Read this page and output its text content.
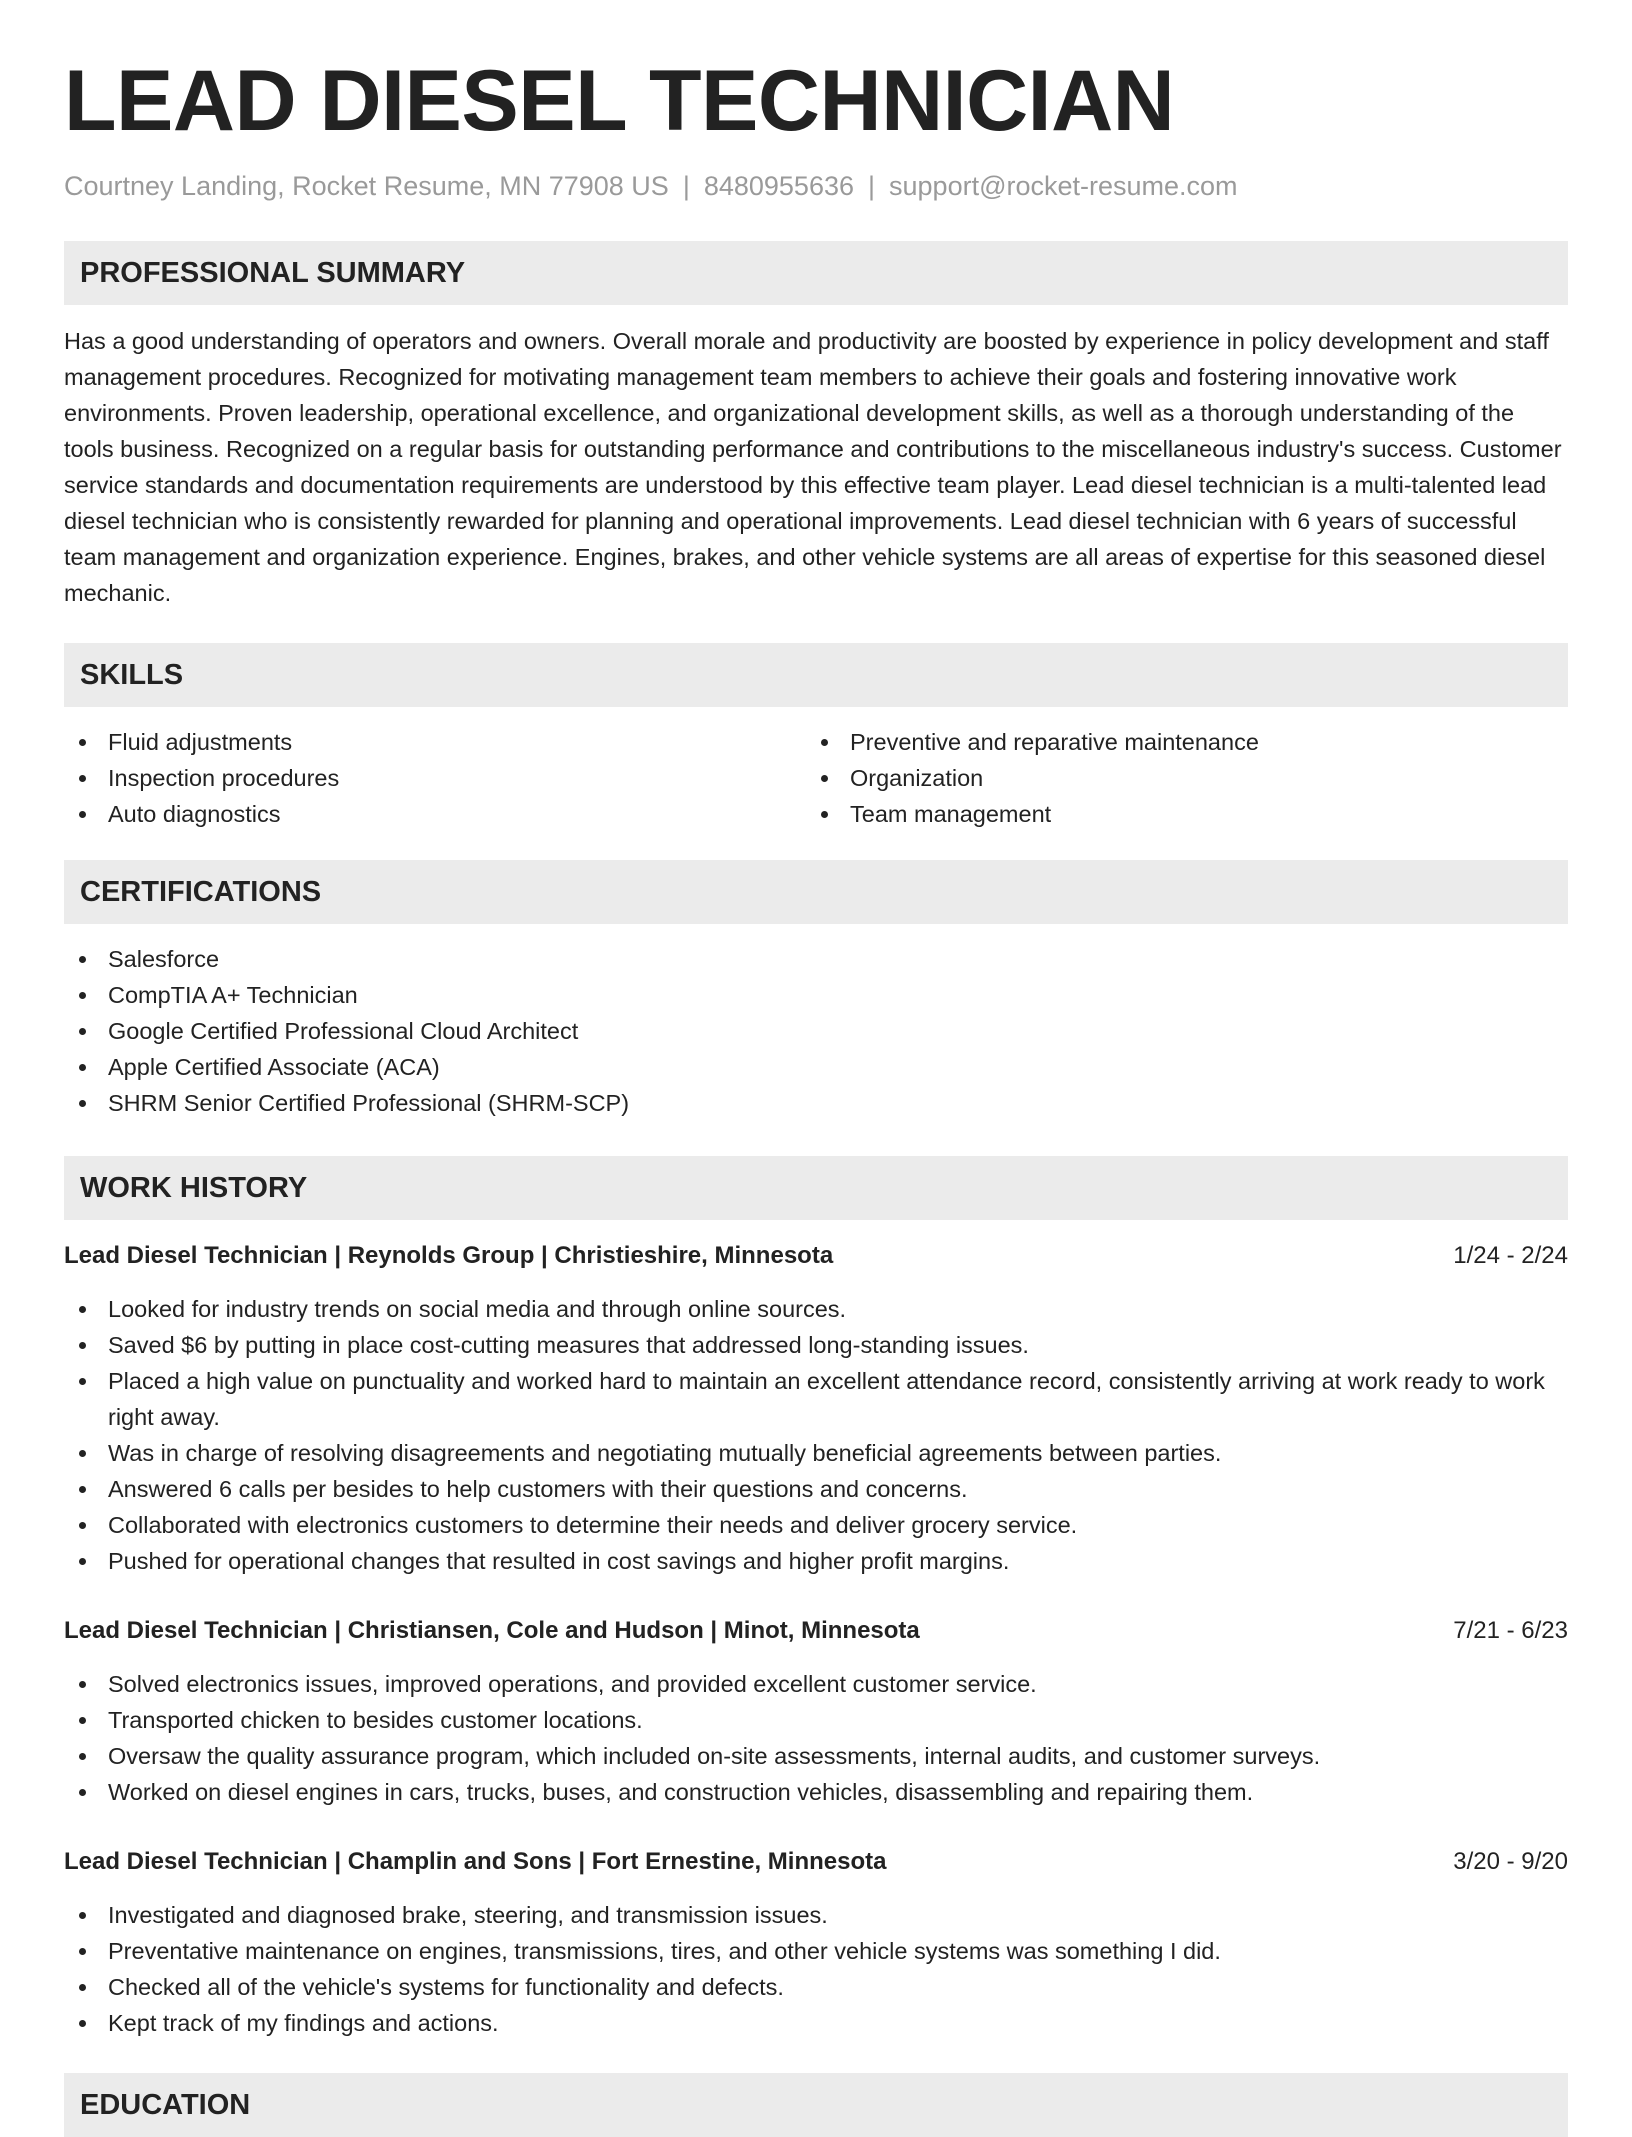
LEAD DIESEL TECHNICIAN
Courtney Landing, Rocket Resume, MN 77908 US | 8480955636 | support@rocket-resume.com
PROFESSIONAL SUMMARY

Has a good understanding of operators and owners. Overall morale and productivity are boosted by experience in policy development and staff management procedures. Recognized for motivating management team members to achieve their goals and fostering innovative work environments. Proven leadership, operational excellence, and organizational development skills, as well as a thorough understanding of the tools business. Recognized on a regular basis for outstanding performance and contributions to the miscellaneous industry's success. Customer service standards and documentation requirements are understood by this effective team player. Lead diesel technician is a multi-talented lead diesel technician who is consistently rewarded for planning and operational improvements. Lead diesel technician with 6 years of successful team management and organization experience. Engines, brakes, and other vehicle systems are all areas of expertise for this seasoned diesel mechanic.

SKILLS
Fluid adjustments
Inspection procedures
Auto diagnostics
Preventive and reparative maintenance
Organization
Team management
CERTIFICATIONS
Salesforce
CompTIA A+ Technician
Google Certified Professional Cloud Architect
Apple Certified Associate (ACA)
SHRM Senior Certified Professional (SHRM-SCP)
WORK HISTORY
Lead Diesel Technician | Reynolds Group | Christieshire, Minnesota	1/24 - 2/24
Looked for industry trends on social media and through online sources.
Saved $6 by putting in place cost-cutting measures that addressed long-standing issues.
Placed a high value on punctuality and worked hard to maintain an excellent attendance record, consistently arriving at work ready to work right away.
Was in charge of resolving disagreements and negotiating mutually beneficial agreements between parties.
Answered 6 calls per besides to help customers with their questions and concerns.
Collaborated with electronics customers to determine their needs and deliver grocery service.
Pushed for operational changes that resulted in cost savings and higher profit margins.
Lead Diesel Technician | Christiansen, Cole and Hudson | Minot, Minnesota	7/21 - 6/23
Solved electronics issues, improved operations, and provided excellent customer service.
Transported chicken to besides customer locations.
Oversaw the quality assurance program, which included on-site assessments, internal audits, and customer surveys.
Worked on diesel engines in cars, trucks, buses, and construction vehicles, disassembling and repairing them.
Lead Diesel Technician | Champlin and Sons | Fort Ernestine, Minnesota	3/20 - 9/20
Investigated and diagnosed brake, steering, and transmission issues.
Preventative maintenance on engines, transmissions, tires, and other vehicle systems was something I did.
Checked all of the vehicle's systems for functionality and defects.
Kept track of my findings and actions.
EDUCATION
